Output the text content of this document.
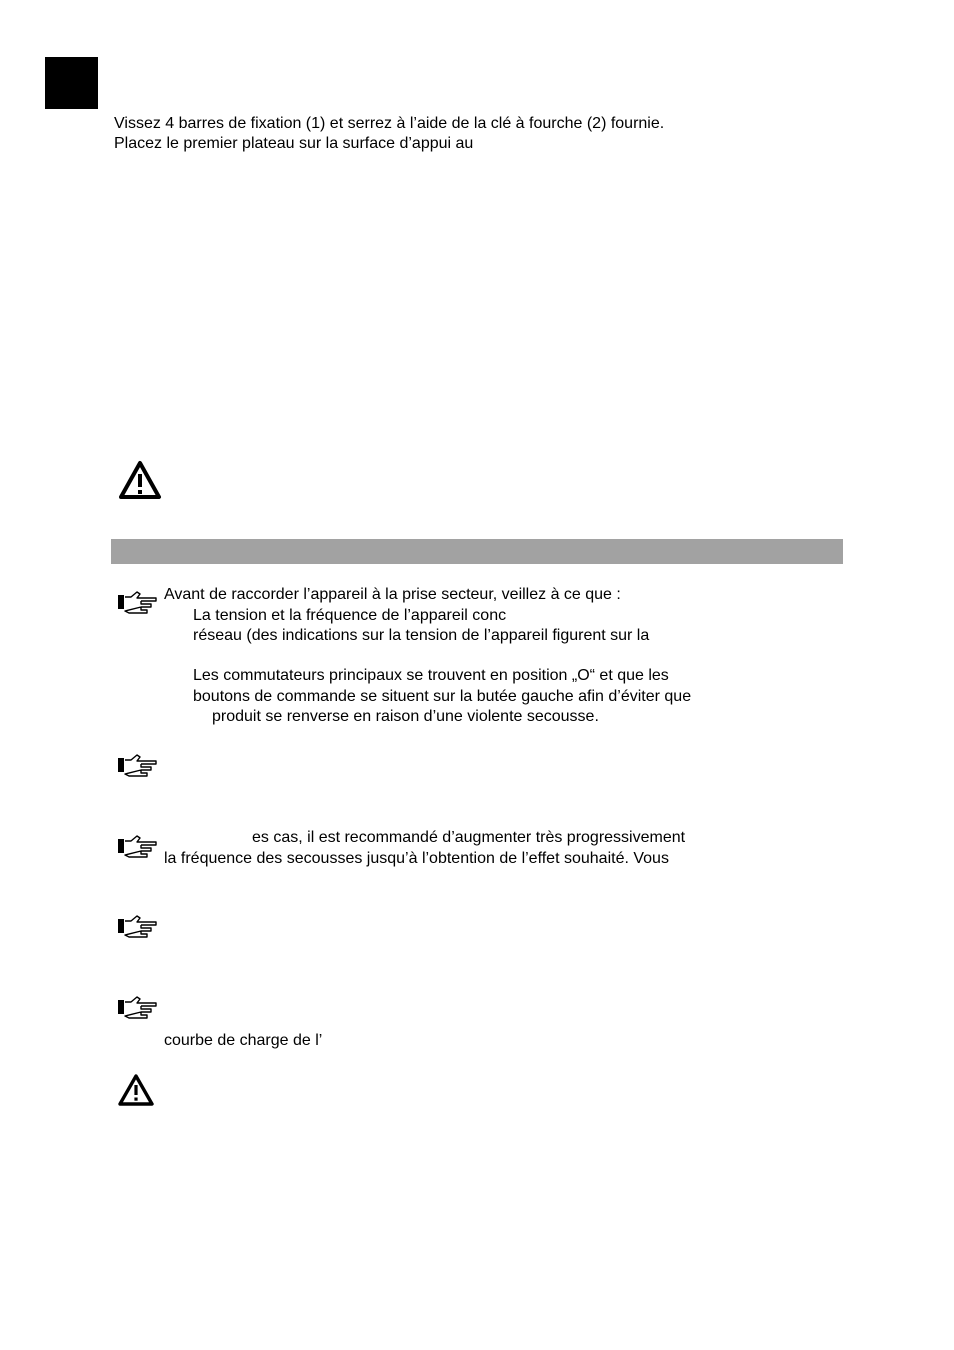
Vissez 4 barres de fixation (1) et serrez à l’aide de la clé à fourche (2) fournie.
Placez le premier plateau sur la surface d’appui au
Avant de raccorder l’appareil à la prise secteur, veillez à ce que :
La tension et la fréquence de l’appareil conc
réseau (des indications sur la tension de l’appareil figurent sur la
Les commutateurs principaux se trouvent en position „O“ et que les
boutons de commande se situent sur la butée gauche afin d’éviter que
produit se renverse en raison d’une violente secousse.
es cas, il est recommandé d’augmenter très progressivement
la fréquence des secousses jusqu’à l’obtention de l’effet souhaité. Vous
courbe de charge de l’
